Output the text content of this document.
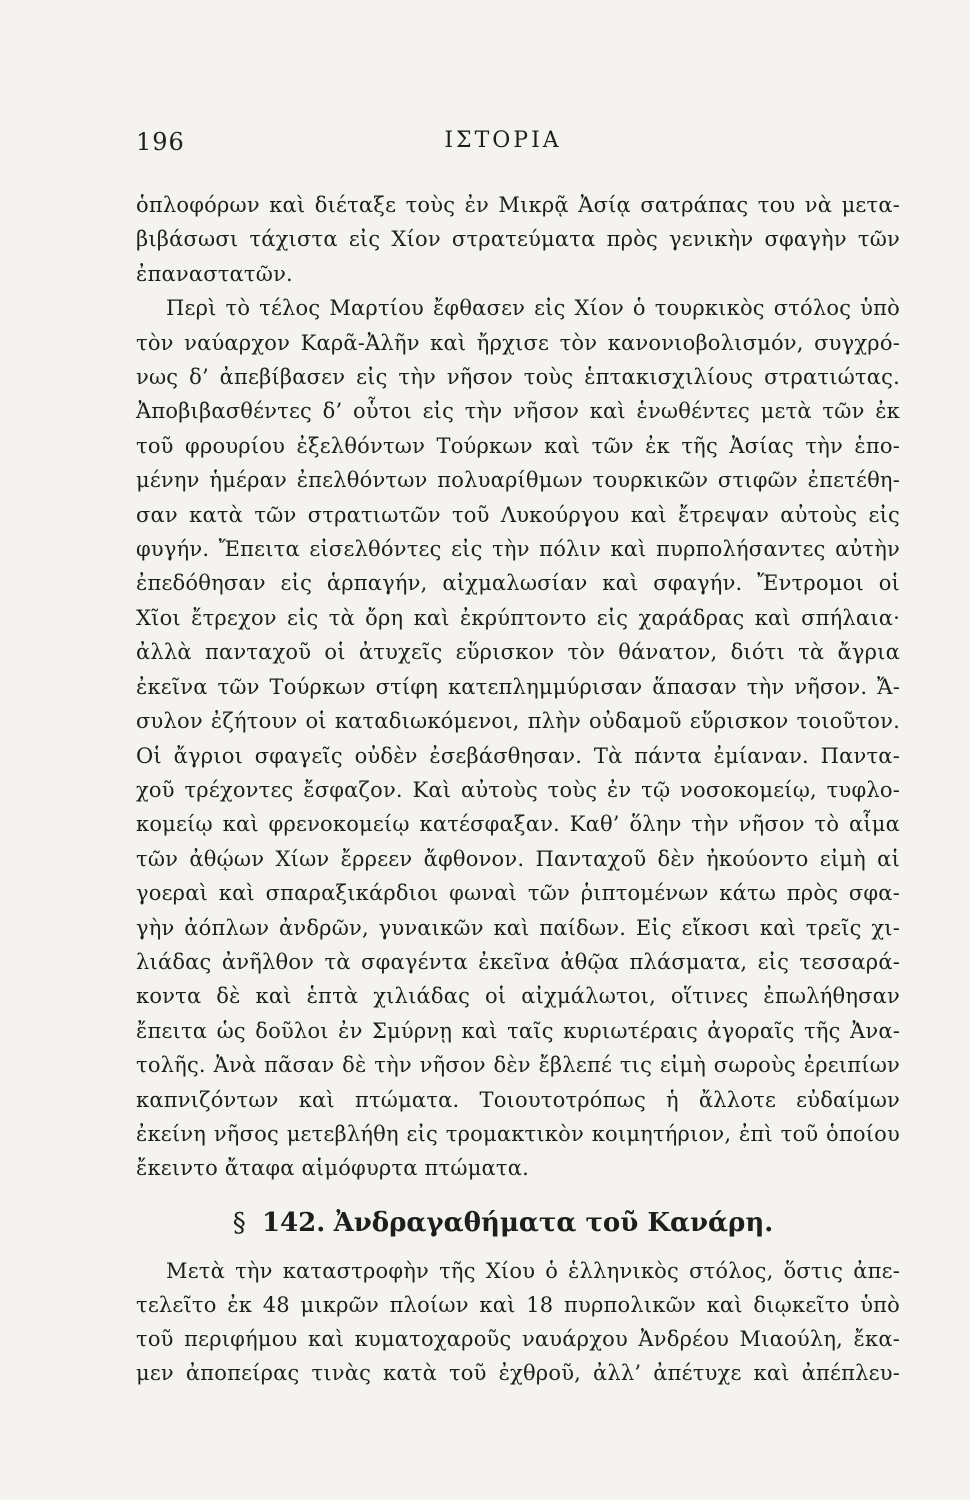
196	ΙΣΤΟΡΙΑ
ὁπλοφόρων καὶ διέταξε τοὺς ἐν Μικρᾷ Ἀσίᾳ σατράπας του νὰ μετα-
βιβάσωσι τάχιστα εἰς Χίον στρατεύματα πρὸς γενικὴν σφαγὴν τῶν
ἐπαναστατῶν.
Περὶ τὸ τέλος Μαρτίου ἔφθασεν εἰς Χίον ὁ τουρκικὸς στόλος ὑπὸ
τὸν ναύαρχον Καρᾶ-Ἀλῆν καὶ ἤρχισε τὸν κανονιοβολισμόν, συγχρό-
νως δ’ ἀπεβίβασεν εἰς τὴν νῆσον τοὺς ἑπτακισχιλίους στρατιώτας.
Ἀποβιβασθέντες δ’ οὗτοι εἰς τὴν νῆσον καὶ ἑνωθέντες μετὰ τῶν ἐκ
τοῦ φρουρίου ἐξελθόντων Τούρκων καὶ τῶν ἐκ τῆς Ἀσίας τὴν ἑπο-
μένην ἡμέραν ἐπελθόντων πολυαρίθμων τουρκικῶν στιφῶν ἐπετέθη-
σαν κατὰ τῶν στρατιωτῶν τοῦ Λυκούργου καὶ ἔτρεψαν αὐτοὺς εἰς
φυγήν. Ἔπειτα εἰσελθόντες εἰς τὴν πόλιν καὶ πυρπολήσαντες αὐτὴν
ἐπεδόθησαν εἰς ἁρπαγήν, αἰχμαλωσίαν καὶ σφαγήν. Ἔντρομοι οἱ
Χῖοι ἔτρεχον εἰς τὰ ὄρη καὶ ἐκρύπτοντο εἰς χαράδρας καὶ σπήλαια·
ἀλλὰ πανταχοῦ οἱ ἀτυχεῖς εὕρισκον τὸν θάνατον, διότι τὰ ἄγρια
ἐκεῖνα τῶν Τούρκων στίφη κατεπλημμύρισαν ἅπασαν τὴν νῆσον. Ἄ-
συλον ἐζήτουν οἱ καταδιωκόμενοι, πλὴν οὐδαμοῦ εὕρισκον τοιοῦτον.
Οἱ ἄγριοι σφαγεῖς οὐδὲν ἐσεβάσθησαν. Τὰ πάντα ἐμίαναν. Παντα-
χοῦ τρέχοντες ἔσφαζον. Καὶ αὐτοὺς τοὺς ἐν τῷ νοσοκομείῳ, τυφλο-
κομείῳ καὶ φρενοκομείῳ κατέσφαξαν. Καθ’ ὅλην τὴν νῆσον τὸ αἷμα
τῶν ἀθῴων Χίων ἔρρεεν ἄφθονον. Πανταχοῦ δὲν ἠκούοντο εἰμὴ αἱ
γοεραὶ καὶ σπαραξικάρδιοι φωναὶ τῶν ῥιπτομένων κάτω πρὸς σφα-
γὴν ἀόπλων ἀνδρῶν, γυναικῶν καὶ παίδων. Εἰς εἴκοσι καὶ τρεῖς χι-
λιάδας ἀνῆλθον τὰ σφαγέντα ἐκεῖνα ἀθῷα πλάσματα, εἰς τεσσαρά-
κοντα δὲ καὶ ἑπτὰ χιλιάδας οἱ αἰχμάλωτοι, οἵτινες ἐπωλήθησαν
ἔπειτα ὡς δοῦλοι ἐν Σμύρνῃ καὶ ταῖς κυριωτέραις ἀγοραῖς τῆς Ἀνα-
τολῆς. Ἀνὰ πᾶσαν δὲ τὴν νῆσον δὲν ἔβλεπέ τις εἰμὴ σωροὺς ἐρειπίων
καπνιζόντων καὶ πτώματα. Τοιουτοτρόπως ἡ ἄλλοτε εὐδαίμων
ἐκείνη νῆσος μετεβλήθη εἰς τρομακτικὸν κοιμητήριον, ἐπὶ τοῦ ὁποίου
ἔκειντο ἄταφα αἱμόφυρτα πτώματα.
§ 142. Ἀνδραγαθήματα τοῦ Κανάρη.
Μετὰ τὴν καταστροφὴν τῆς Χίου ὁ ἑλληνικὸς στόλος, ὅστις ἀπε-
τελεῖτο ἐκ 48 μικρῶν πλοίων καὶ 18 πυρπολικῶν καὶ διῳκεῖτο ὑπὸ
τοῦ περιφήμου καὶ κυματοχαροῦς ναυάρχου Ἀνδρέου Μιαούλη, ἔκα-
μεν ἀποπείρας τινὰς κατὰ τοῦ ἐχθροῦ, ἀλλ’ ἀπέτυχε καὶ ἀπέπλευ-
